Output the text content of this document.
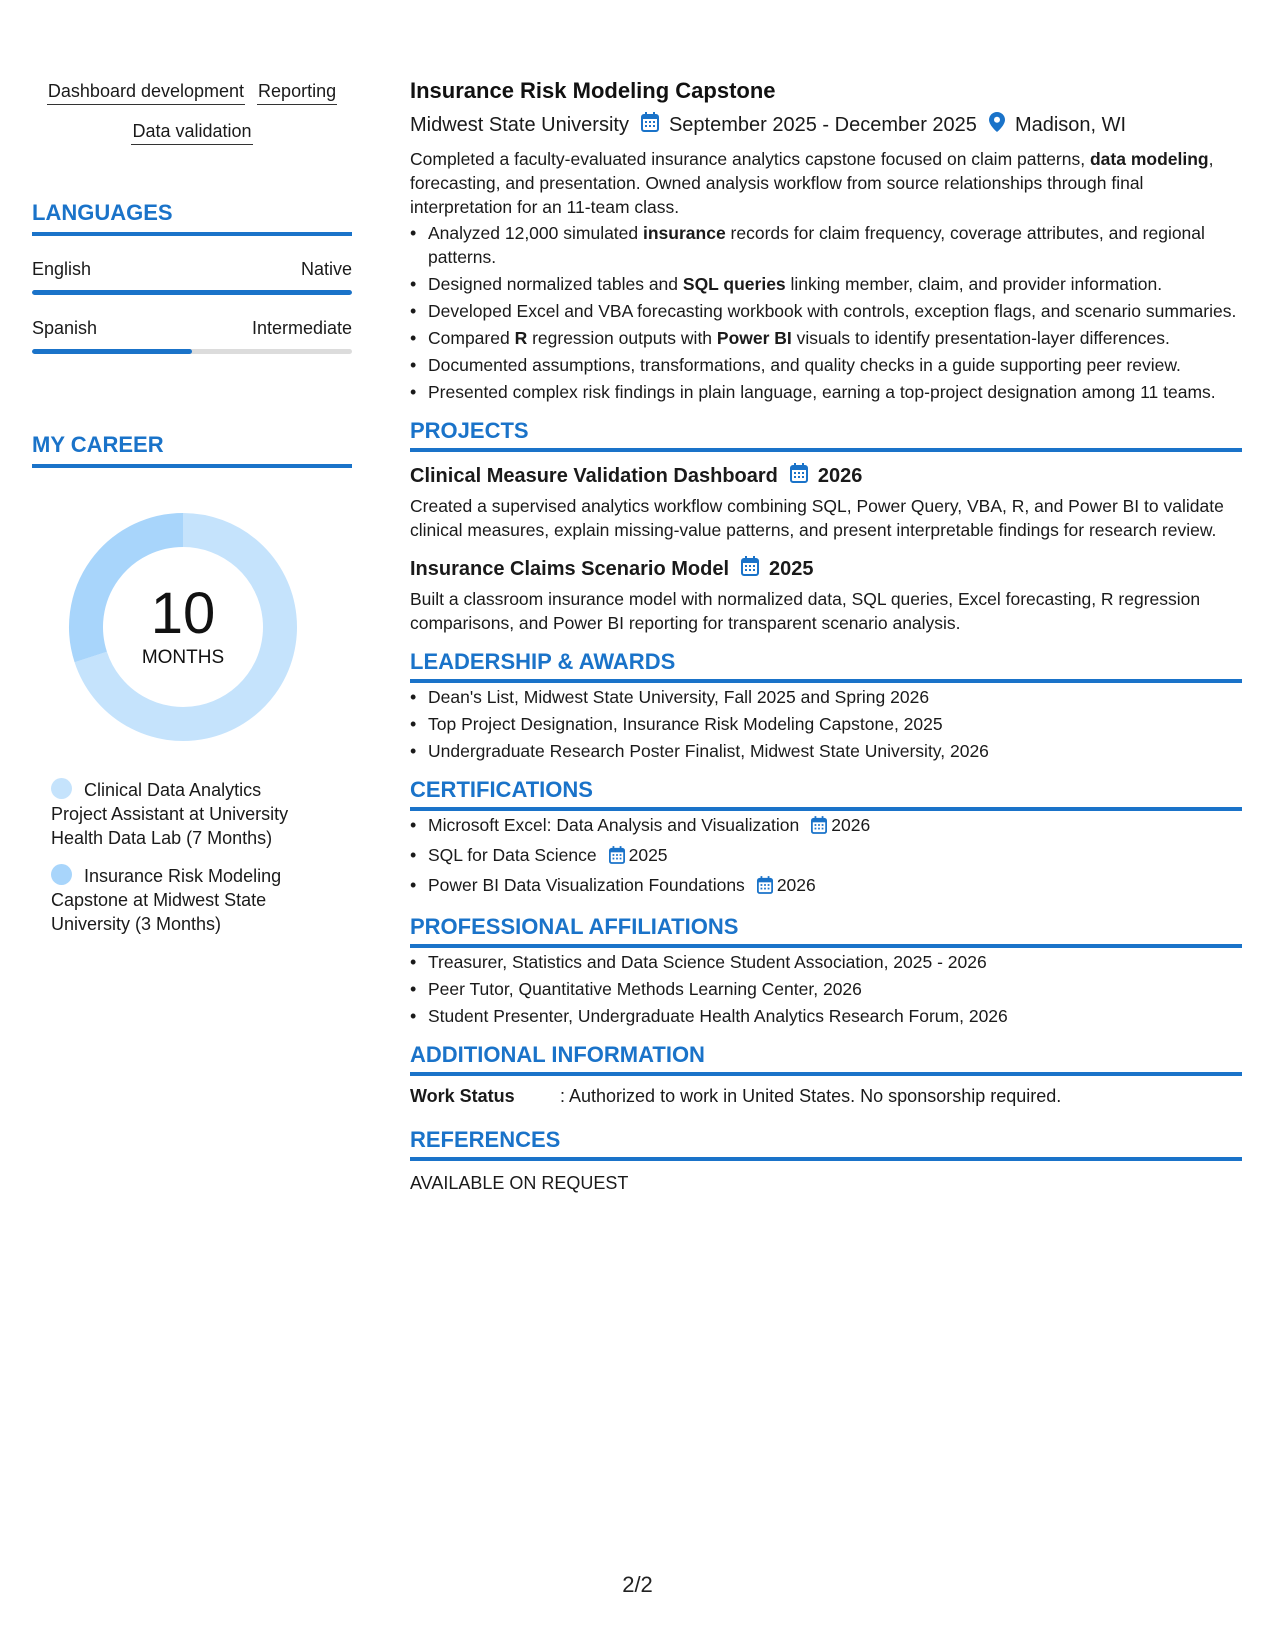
Dashboard development Reporting
Data validation
LANGUAGES
English	Native
Spanish	Intermediate
MY CAREER
10
MONTHS
Clinical Data Analytics Project Assistant at University Health Data Lab (7 Months)
Insurance Risk Modeling Capstone at Midwest State University (3 Months)
Insurance Risk Modeling Capstone
Midwest State University September 2025 - December 2025 Madison, WI
Completed a faculty-evaluated insurance analytics capstone focused on claim patterns, data modeling, forecasting, and presentation. Owned analysis workflow from source relationships through final interpretation for an 11-team class.
• Analyzed 12,000 simulated insurance records for claim frequency, coverage attributes, and regional patterns.
• Designed normalized tables and SQL queries linking member, claim, and provider information.
• Developed Excel and VBA forecasting workbook with controls, exception flags, and scenario summaries.
• Compared R regression outputs with Power BI visuals to identify presentation-layer differences.
• Documented assumptions, transformations, and quality checks in a guide supporting peer review.
• Presented complex risk findings in plain language, earning a top-project designation among 11 teams.
PROJECTS
Clinical Measure Validation Dashboard 2026
Created a supervised analytics workflow combining SQL, Power Query, VBA, R, and Power BI to validate clinical measures, explain missing-value patterns, and present interpretable findings for research review.
Insurance Claims Scenario Model 2025
Built a classroom insurance model with normalized data, SQL queries, Excel forecasting, R regression comparisons, and Power BI reporting for transparent scenario analysis.
LEADERSHIP & AWARDS
• Dean's List, Midwest State University, Fall 2025 and Spring 2026
• Top Project Designation, Insurance Risk Modeling Capstone, 2025
• Undergraduate Research Poster Finalist, Midwest State University, 2026
CERTIFICATIONS
• Microsoft Excel: Data Analysis and Visualization 2026
• SQL for Data Science 2025
• Power BI Data Visualization Foundations 2026
PROFESSIONAL AFFILIATIONS
• Treasurer, Statistics and Data Science Student Association, 2025 - 2026
• Peer Tutor, Quantitative Methods Learning Center, 2026
• Student Presenter, Undergraduate Health Analytics Research Forum, 2026
ADDITIONAL INFORMATION
Work Status	: Authorized to work in United States. No sponsorship required.
REFERENCES
AVAILABLE ON REQUEST
2/2
